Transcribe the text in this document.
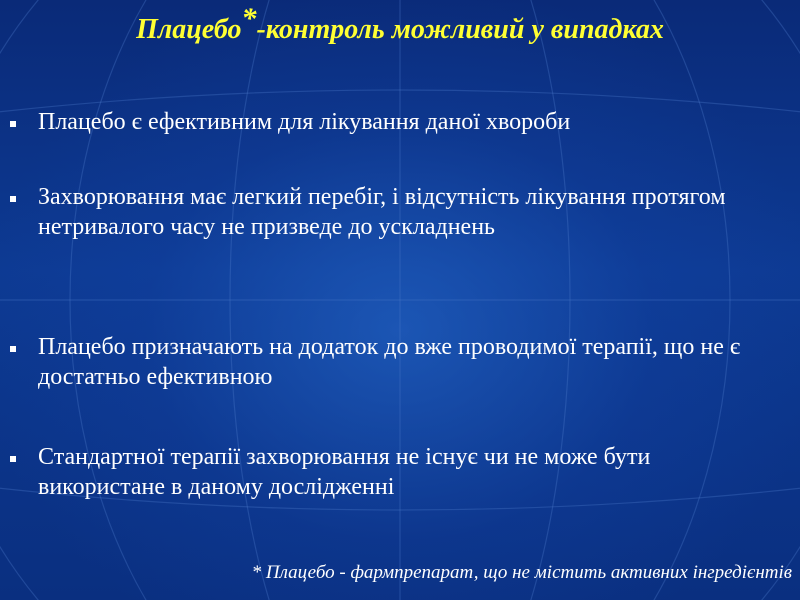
Плацебо*-контроль можливий у випадках
Плацебо є ефективним для лікування даної хвороби
Захворювання має легкий перебіг, і відсутність лікування протягом нетривалого часу не призведе до ускладнень
Плацебо призначають на додаток до вже проводимої терапії, що не є достатньо ефективною
Стандартної терапії захворювання не існує чи не може бути використане в даному дослідженні
* Плацебо - фармпрепарат, що не містить активних інгредієнтів
